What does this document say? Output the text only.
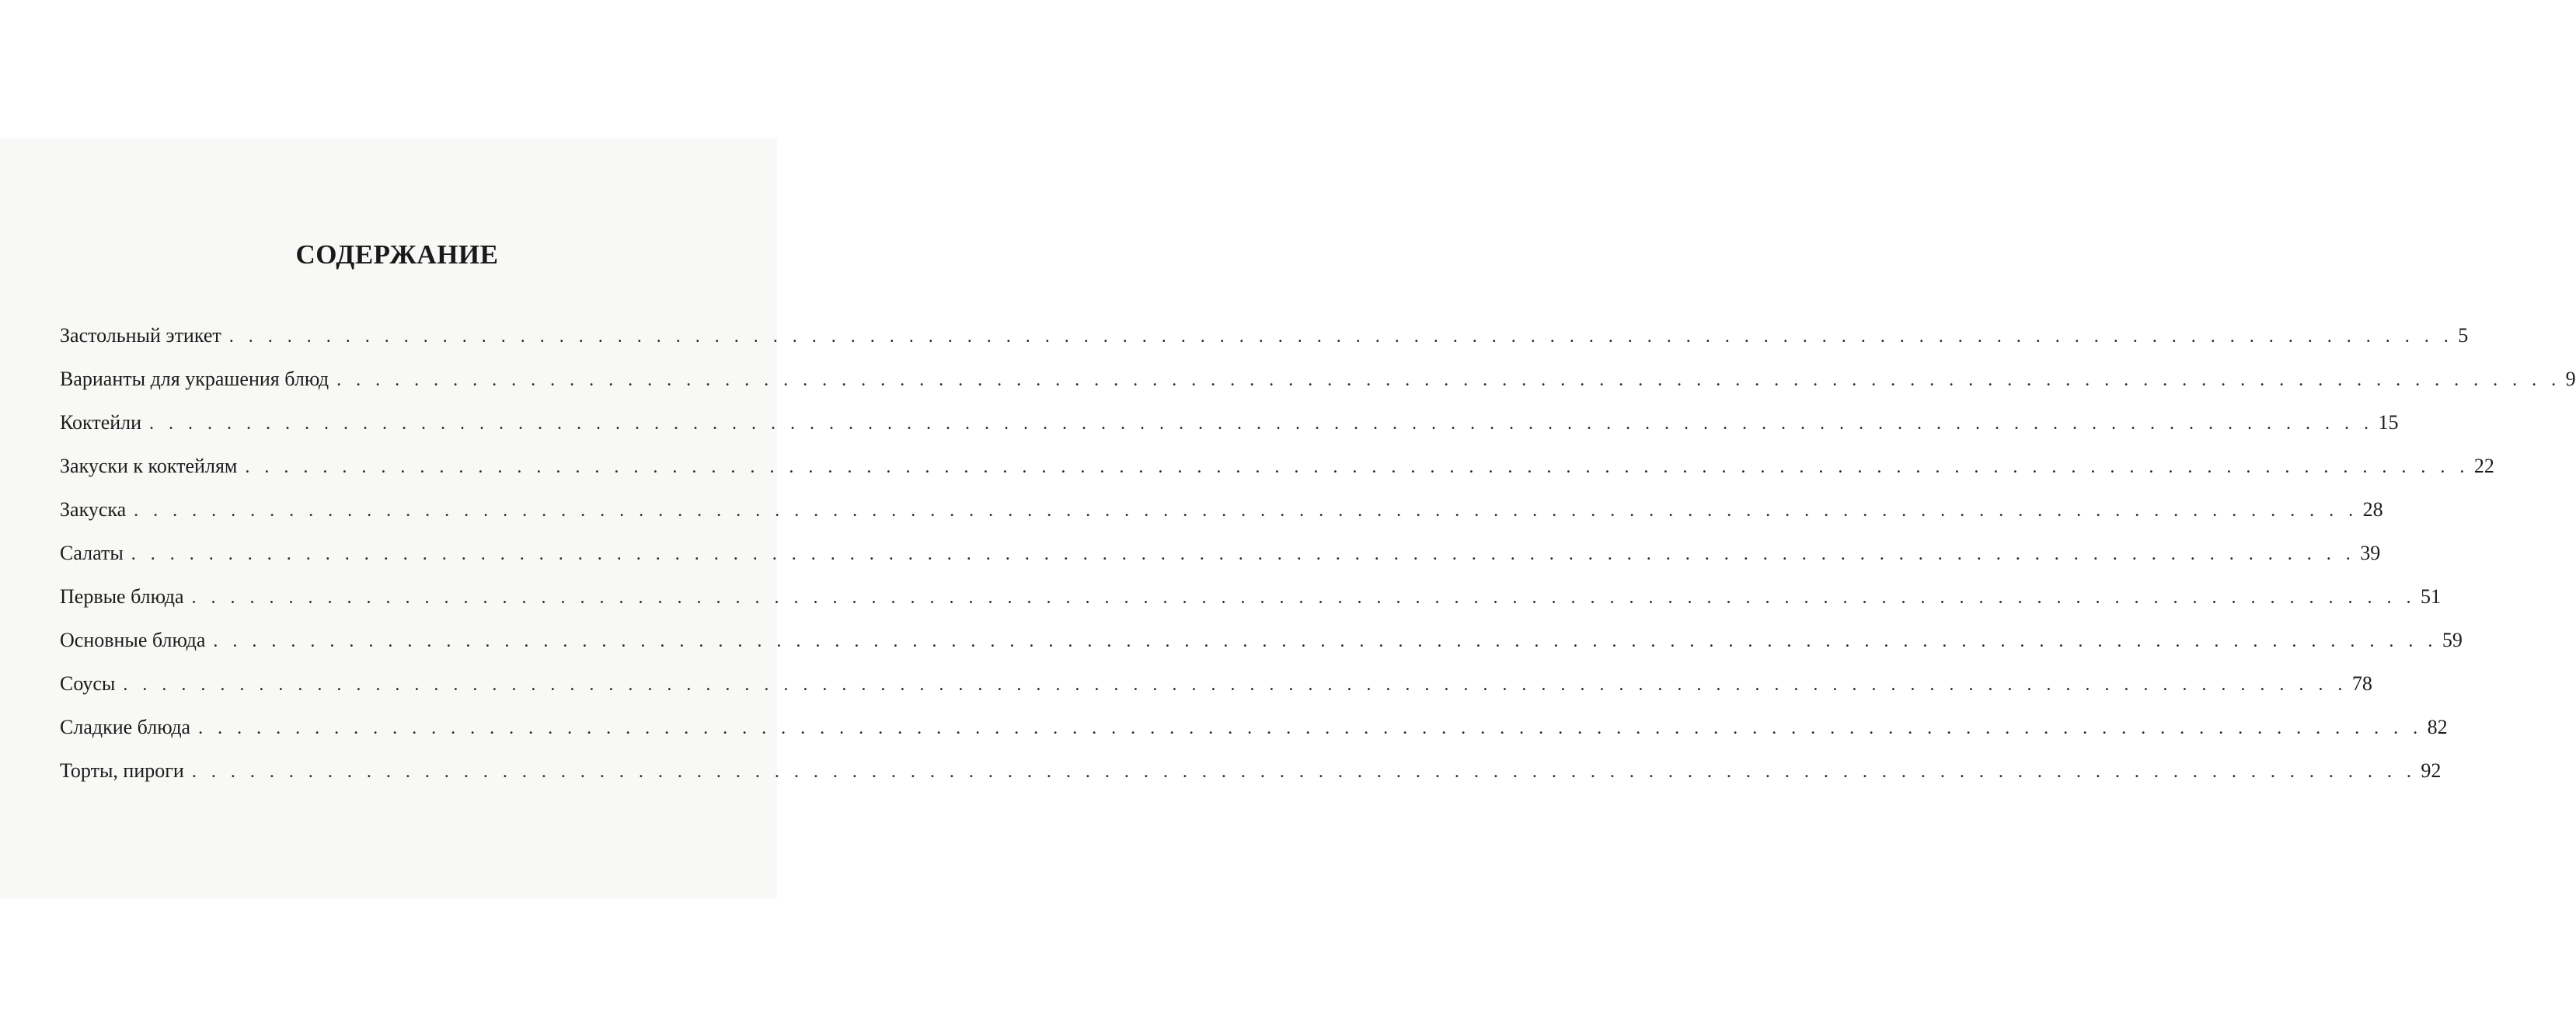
СОДЕРЖАНИЕ
Застольный этикет . . . . . . . . . . . . . . . . . . . . . . . . . . . . . . . . . . . . . . . . . . . . . . . . . . . . . . . . . . . . . . . . . . . . . . . . . . . . . . . . . . . . . . . . . . . . . . . . . . . . . . . . . . . . . . . . . . . 5
Варианты для украшения блюд . . . . . . . . . . . . . . . . . . . . . . . . . . . . . . . . . . . . . . . . . . . . . . . . . . . . . . . . . . . . . . . . . . . . . . . . . . . . . . . . . . . . . . . . . . . . . . . . . . . . . . . . . . . . . . . . . . . 9
Коктейли . . . . . . . . . . . . . . . . . . . . . . . . . . . . . . . . . . . . . . . . . . . . . . . . . . . . . . . . . . . . . . . . . . . . . . . . . . . . . . . . . . . . . . . . . . . . . . . . . . . . . . . . . . . . . . . . . . . 15
Закуски к коктейлям . . . . . . . . . . . . . . . . . . . . . . . . . . . . . . . . . . . . . . . . . . . . . . . . . . . . . . . . . . . . . . . . . . . . . . . . . . . . . . . . . . . . . . . . . . . . . . . . . . . . . . . . . . . . . . . . . . . 22
Закуска . . . . . . . . . . . . . . . . . . . . . . . . . . . . . . . . . . . . . . . . . . . . . . . . . . . . . . . . . . . . . . . . . . . . . . . . . . . . . . . . . . . . . . . . . . . . . . . . . . . . . . . . . . . . . . . . . . . 28
Салаты . . . . . . . . . . . . . . . . . . . . . . . . . . . . . . . . . . . . . . . . . . . . . . . . . . . . . . . . . . . . . . . . . . . . . . . . . . . . . . . . . . . . . . . . . . . . . . . . . . . . . . . . . . . . . . . . . . . 39
Первые блюда . . . . . . . . . . . . . . . . . . . . . . . . . . . . . . . . . . . . . . . . . . . . . . . . . . . . . . . . . . . . . . . . . . . . . . . . . . . . . . . . . . . . . . . . . . . . . . . . . . . . . . . . . . . . . . . . . . . 51
Основные блюда . . . . . . . . . . . . . . . . . . . . . . . . . . . . . . . . . . . . . . . . . . . . . . . . . . . . . . . . . . . . . . . . . . . . . . . . . . . . . . . . . . . . . . . . . . . . . . . . . . . . . . . . . . . . . . . . . . . 59
Соусы . . . . . . . . . . . . . . . . . . . . . . . . . . . . . . . . . . . . . . . . . . . . . . . . . . . . . . . . . . . . . . . . . . . . . . . . . . . . . . . . . . . . . . . . . . . . . . . . . . . . . . . . . . . . . . . . . . . 78
Сладкие блюда . . . . . . . . . . . . . . . . . . . . . . . . . . . . . . . . . . . . . . . . . . . . . . . . . . . . . . . . . . . . . . . . . . . . . . . . . . . . . . . . . . . . . . . . . . . . . . . . . . . . . . . . . . . . . . . . . . . 82
Торты, пироги . . . . . . . . . . . . . . . . . . . . . . . . . . . . . . . . . . . . . . . . . . . . . . . . . . . . . . . . . . . . . . . . . . . . . . . . . . . . . . . . . . . . . . . . . . . . . . . . . . . . . . . . . . . . . . . . . . . 92
